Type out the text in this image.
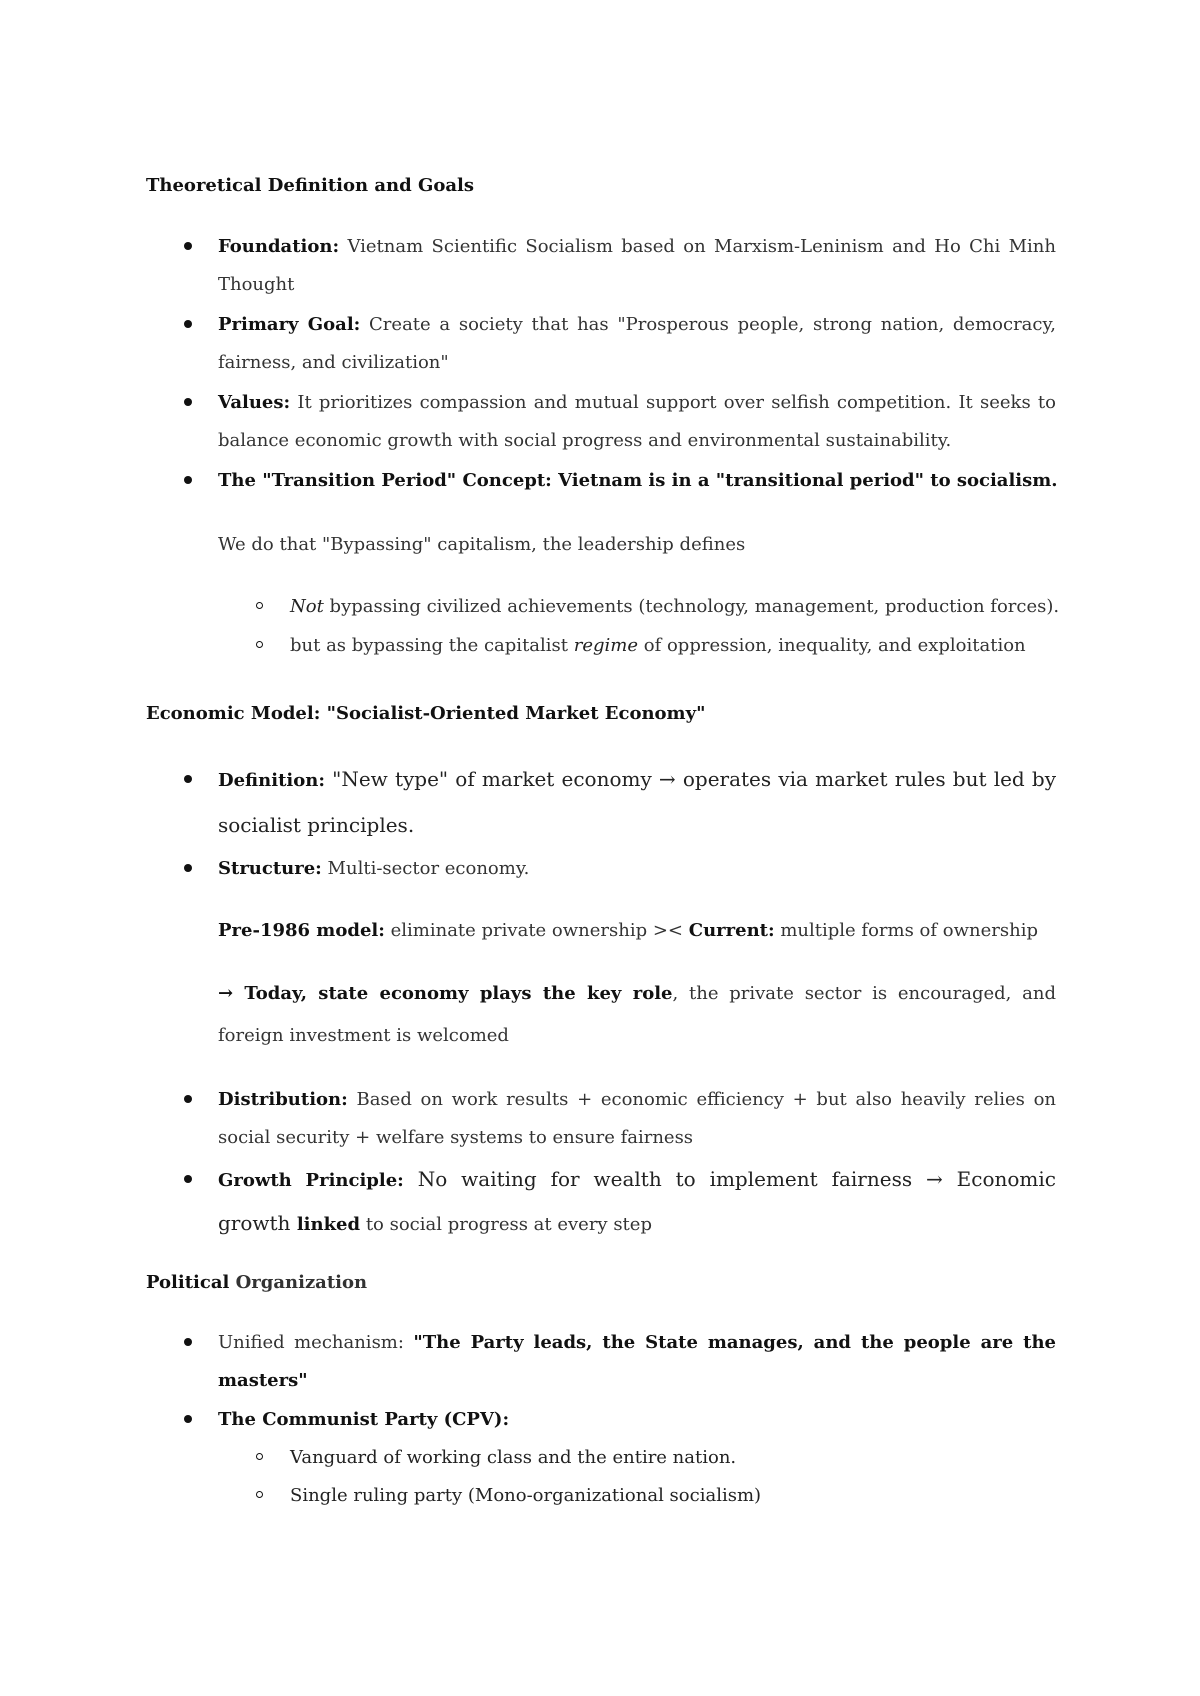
Theoretical Definition and Goals
Foundation: Vietnam Scientific Socialism based on Marxism-Leninism and Ho Chi Minh Thought
Primary Goal: Create a society that has "Prosperous people, strong nation, democracy, fairness, and civilization"
Values: It prioritizes compassion and mutual support over selfish competition. It seeks to balance economic growth with social progress and environmental sustainability.
The "Transition Period" Concept: Vietnam is in a "transitional period" to socialism.
We do that "Bypassing" capitalism, the leadership defines
Not bypassing civilized achievements (technology, management, production forces).
but as bypassing the capitalist regime of oppression, inequality, and exploitation
Economic Model: "Socialist-Oriented Market Economy"
Definition: "New type" of market economy → operates via market rules but led by socialist principles.
Structure: Multi-sector economy.
Pre-1986 model: eliminate private ownership >< Current: multiple forms of ownership
→ Today, state economy plays the key role, the private sector is encouraged, and foreign investment is welcomed
Distribution: Based on work results + economic efficiency + but also heavily relies on social security + welfare systems to ensure fairness
Growth Principle: No waiting for wealth to implement fairness → Economic growth linked to social progress at every step
Political Organization
Unified mechanism: "The Party leads, the State manages, and the people are the masters"
The Communist Party (CPV):
Vanguard of working class and the entire nation.
Single ruling party (Mono-organizational socialism)
